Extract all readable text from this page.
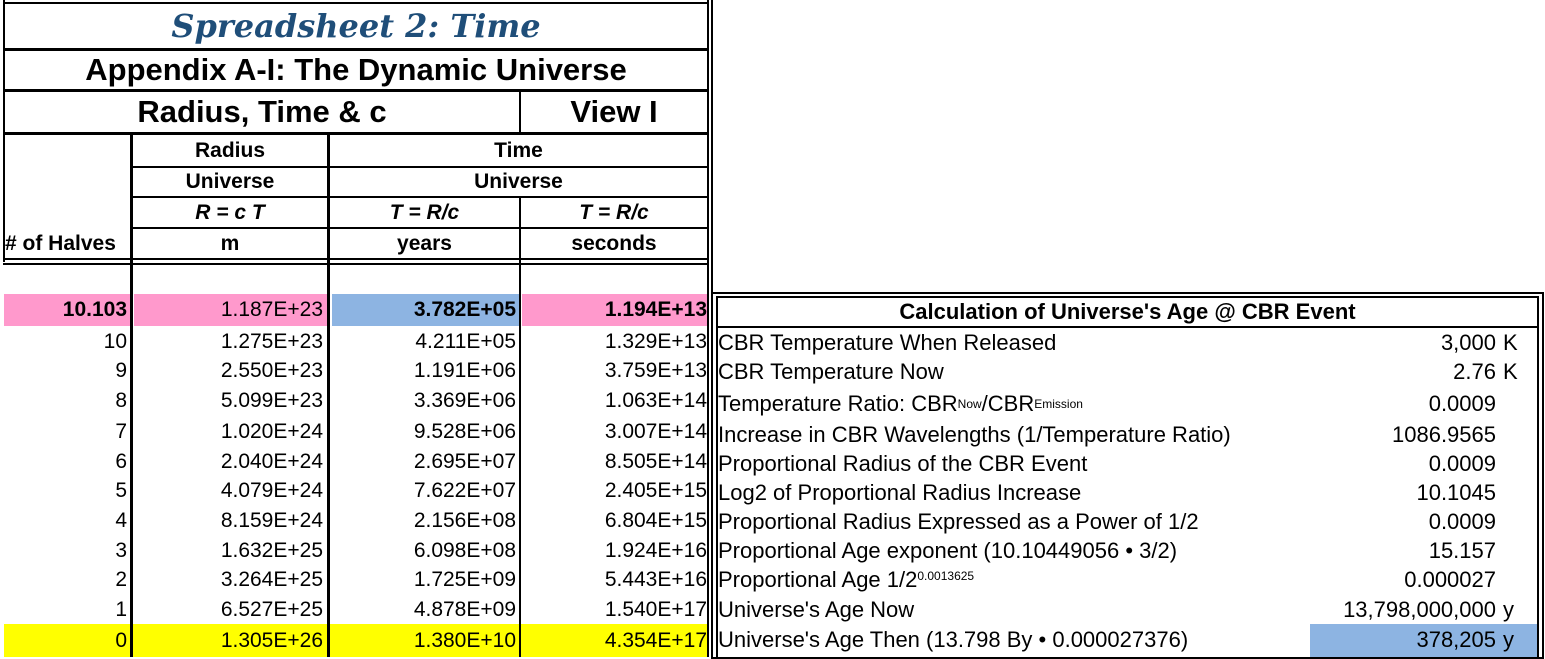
Spreadsheet 2: Time
Appendix A-I: The Dynamic Universe
Radius, Time & c	View I
Radius	Time
Universe	Universe
R = c T	T = R/c	T = R/c
# of Halves	m	years	seconds
10.103	1.187E+23	3.782E+05	1.194E+13
10	1.275E+23	4.211E+05	1.329E+13
9	2.550E+23	1.191E+06	3.759E+13
8	5.099E+23	3.369E+06	1.063E+14
7	1.020E+24	9.528E+06	3.007E+14
6	2.040E+24	2.695E+07	8.505E+14
5	4.079E+24	7.622E+07	2.405E+15
4	8.159E+24	2.156E+08	6.804E+15
3	1.632E+25	6.098E+08	1.924E+16
2	3.264E+25	1.725E+09	5.443E+16
1	6.527E+25	4.878E+09	1.540E+17
0	1.305E+26	1.380E+10	4.354E+17
Calculation of Universe's Age @ CBR Event
CBR Temperature When Released	3,000 K
CBR Temperature Now	2.76 K
Temperature Ratio: CBR Now /CBR Emission	0.0009
Increase in CBR Wavelengths (1/Temperature Ratio)	1086.9565
Proportional Radius of the CBR Event	0.0009
Log2 of Proportional Radius Increase	10.1045
Proportional Radius Expressed as a Power of 1/2	0.0009
Proportional Age exponent (10.10449056 • 3/2)	15.157
Proportional Age $1/2^{0.0013625}$	0.000027
Universe's Age Now	13,798,000,000 y
Universe's Age Then (13.798 By • 0.000027376)	378,205 y
